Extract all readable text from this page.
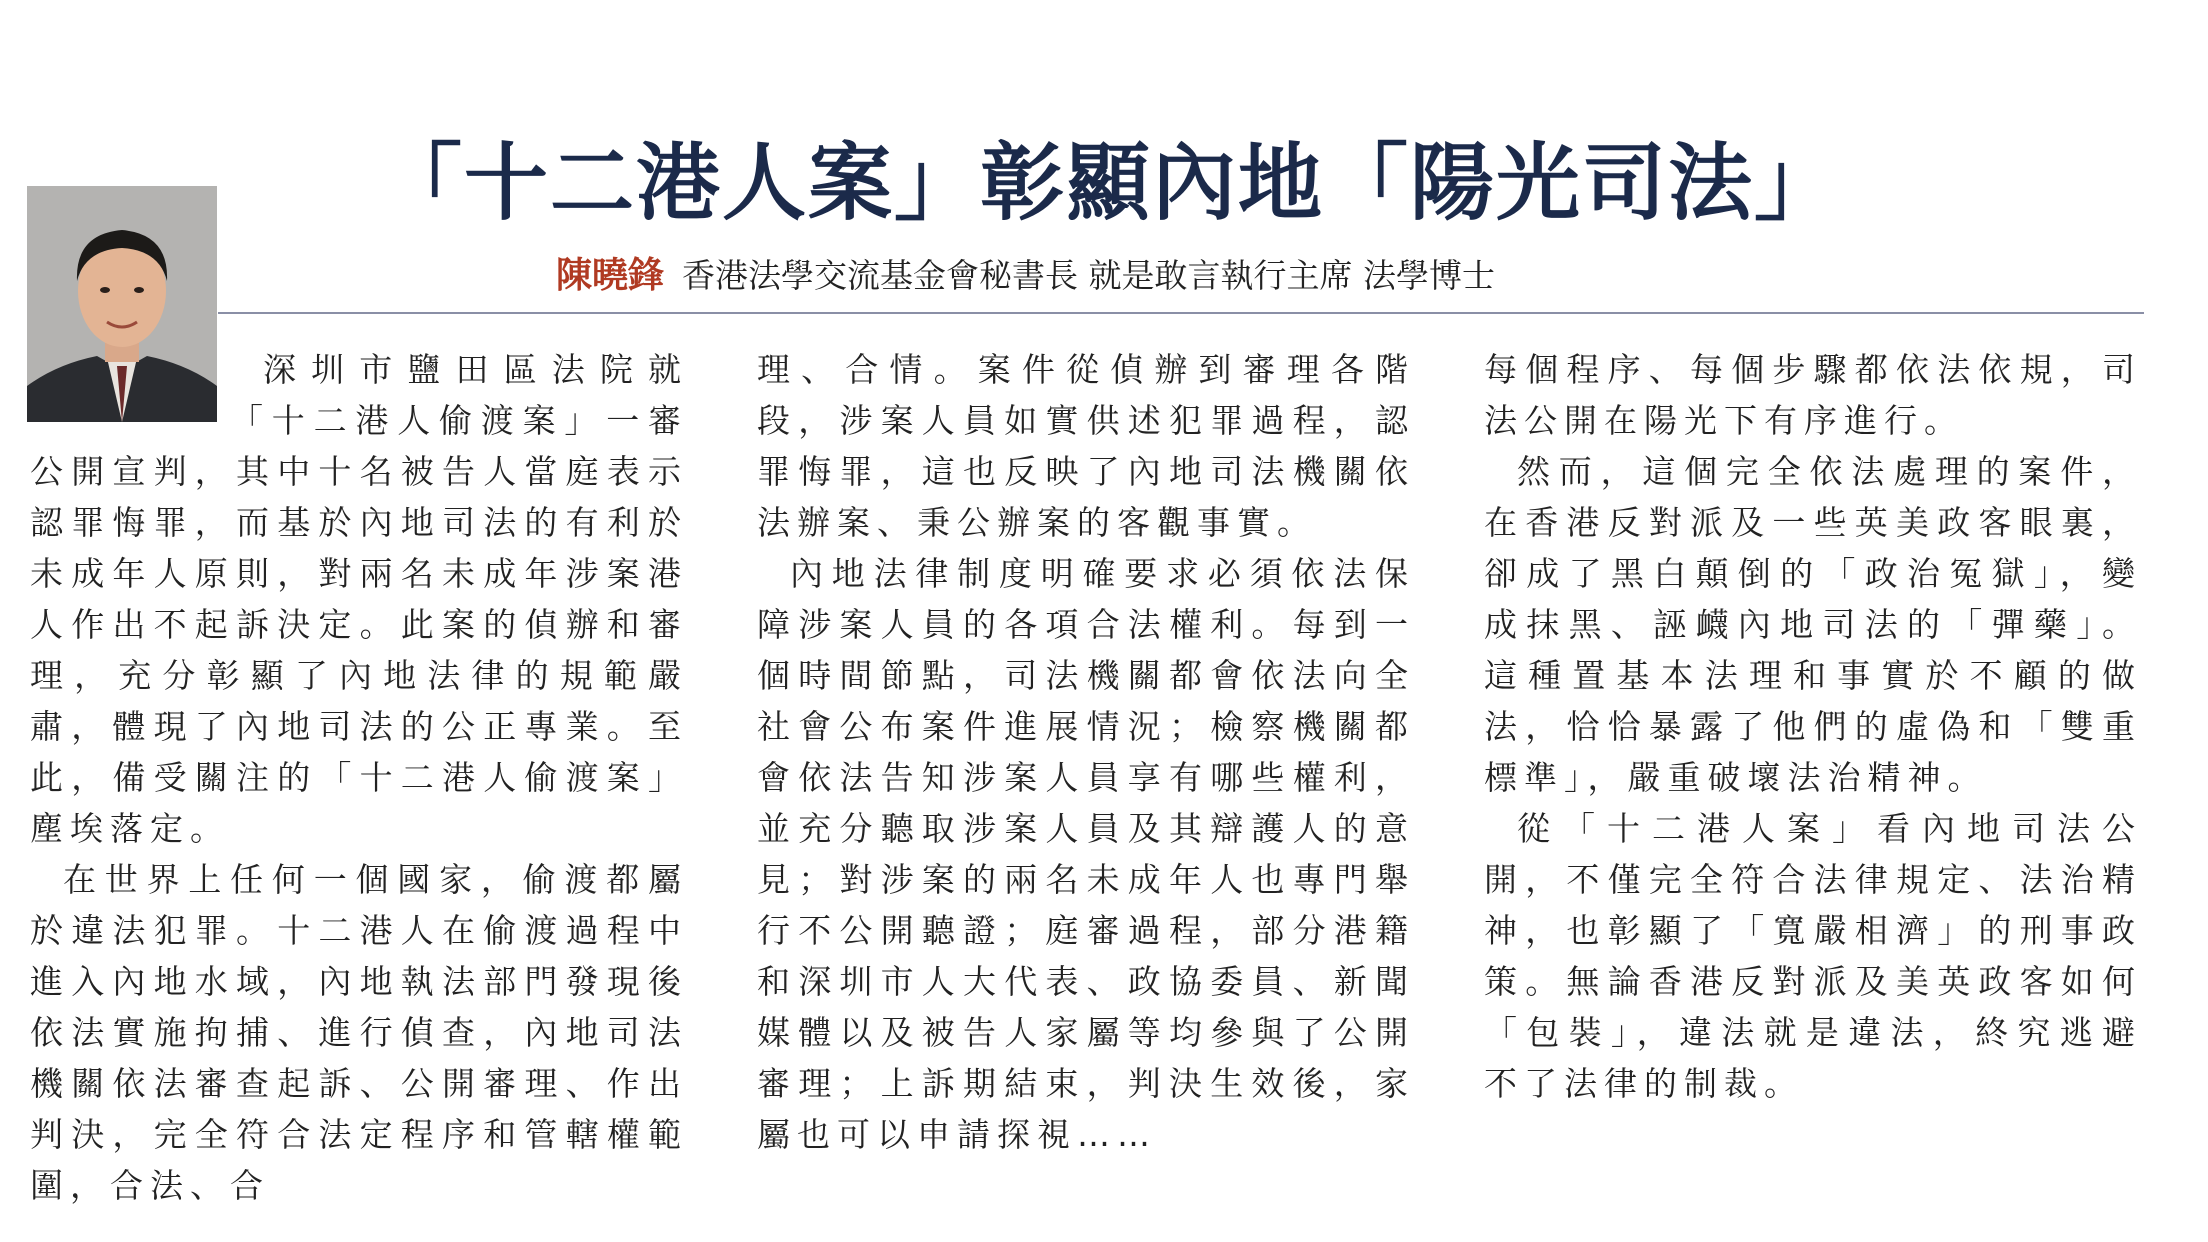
「十二港人案」彰顯內地「陽光司法」
陳曉鋒 香港法學交流基金會秘書長 就是敢言執行主席 法學博士

深圳市鹽田區法院就「十二港人偷渡案」一審公開宣判，其中十名被告人當庭表示認罪悔罪，而基於內地司法的有利於未成年人原則，對兩名未成年涉案港人作出不起訴決定。此案的偵辦和審理，充分彰顯了內地法律的規範嚴肅，體現了內地司法的公正專業。至此，備受關注的「十二港人偷渡案」塵埃落定。

在世界上任何一個國家，偷渡都屬於違法犯罪。十二港人在偷渡過程中進入內地水域，內地執法部門發現後依法實施拘捕、進行偵查，內地司法機關依法審查起訴、公開審理、作出判決，完全符合法定程序和管轄權範圍，合法、合

理、合情。案件從偵辦到審理各階段，涉案人員如實供述犯罪過程，認罪悔罪，這也反映了內地司法機關依法辦案、秉公辦案的客觀事實。

內地法律制度明確要求必須依法保障涉案人員的各項合法權利。每到一個時間節點，司法機關都會依法向全社會公布案件進展情況；檢察機關都會依法告知涉案人員享有哪些權利，並充分聽取涉案人員及其辯護人的意見；對涉案的兩名未成年人也專門舉行不公開聽證；庭審過程，部分港籍和深圳市人大代表、政協委員、新聞媒體以及被告人家屬等均參與了公開審理；上訴期結束，判決生效後，家屬也可以申請探視……

每個程序、每個步驟都依法依規，司法公開在陽光下有序進行。

然而，這個完全依法處理的案件，在香港反對派及一些英美政客眼裏，卻成了黑白顛倒的「政治冤獄」，變成抹黑、誣衊內地司法的「彈藥」。這種置基本法理和事實於不顧的做法，恰恰暴露了他們的虛偽和「雙重標準」，嚴重破壞法治精神。

從「十二港人案」看內地司法公開，不僅完全符合法律規定、法治精神，也彰顯了「寬嚴相濟」的刑事政策。無論香港反對派及美英政客如何「包裝」，違法就是違法，終究逃避不了法律的制裁。
